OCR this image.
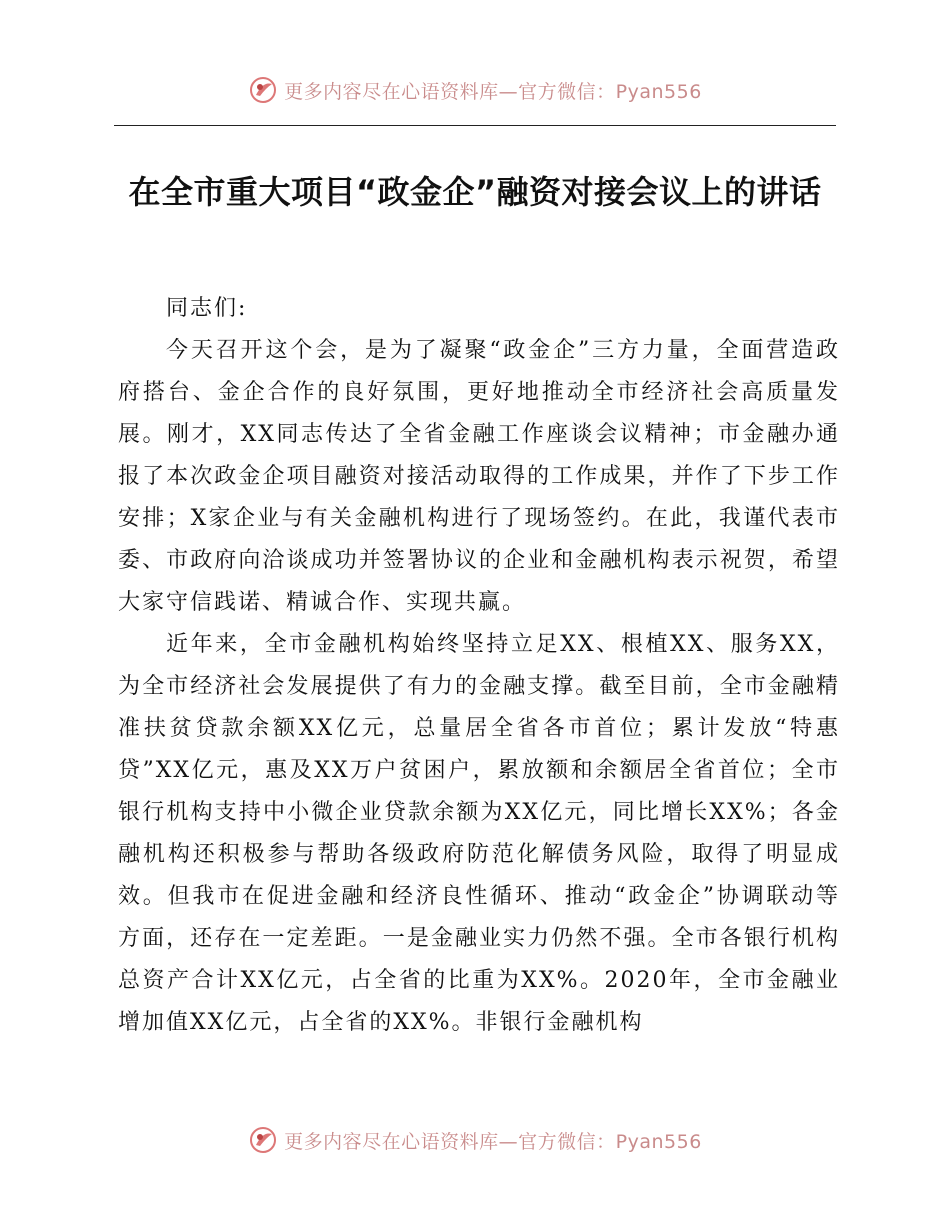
更多内容尽在心语资料库—官方微信：Pyan556
在全市重大项目“政金企”融资对接会议上的讲话

同志们:

今天召开这个会，是为了凝聚“政金企”三方力量，全面营造政府搭台、金企合作的良好氛围，更好地推动全市经济社会高质量发展。刚才，XX同志传达了全省金融工作座谈会议精神；市金融办通报了本次政金企项目融资对接活动取得的工作成果，并作了下步工作安排；X家企业与有关金融机构进行了现场签约。在此，我谨代表市委、市政府向洽谈成功并签署协议的企业和金融机构表示祝贺，希望大家守信践诺、精诚合作、实现共赢。

近年来，全市金融机构始终坚持立足XX、根植XX、服务XX，为全市经济社会发展提供了有力的金融支撑。截至目前，全市金融精准扶贫贷款余额XX亿元，总量居全省各市首位；累计发放“特惠贷”XX亿元，惠及XX万户贫困户，累放额和余额居全省首位；全市银行机构支持中小微企业贷款余额为XX亿元，同比增长XX%；各金融机构还积极参与帮助各级政府防范化解债务风险，取得了明显成效。但我市在促进金融和经济良性循环、推动“政金企”协调联动等方面，还存在一定差距。一是金融业实力仍然不强。全市各银行机构总资产合计XX亿元，占全省的比重为XX%。2020年，全市金融业增加值XX亿元，占全省的XX%。非银行金融机构

更多内容尽在心语资料库—官方微信：Pyan556
